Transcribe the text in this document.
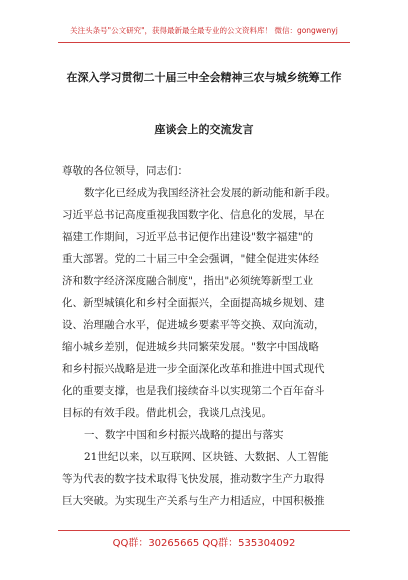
关注头条号"公文研究"，获得最新最全最专业的公文资料库！ 微信：gongwenyj
在深入学习贯彻二十届三中全会精神三农与城乡统筹工作
座谈会上的交流发言
尊敬的各位领导，同志们：
数字化已经成为我国经济社会发展的新动能和新手段。
习近平总书记高度重视我国数字化、信息化的发展，早在
福建工作期间，习近平总书记便作出建设"数字福建"的
重大部署。党的二十届三中全会强调，"健全促进实体经
济和数字经济深度融合制度"，指出"必须统筹新型工业
化、新型城镇化和乡村全面振兴，全面提高城乡规划、建
设、治理融合水平，促进城乡要素平等交换、双向流动，
缩小城乡差别，促进城乡共同繁荣发展。"数字中国战略
和乡村振兴战略是进一步全面深化改革和推进中国式现代
化的重要支撑，也是我们接续奋斗以实现第二个百年奋斗
目标的有效手段。借此机会，我谈几点浅见。
一、数字中国和乡村振兴战略的提出与落实
21世纪以来，以互联网、区块链、大数据、人工智能
等为代表的数字技术取得飞快发展，推动数字生产力取得
巨大突破。为实现生产关系与生产力相适应，中国积极推
QQ群：30265665 QQ群：535304092
